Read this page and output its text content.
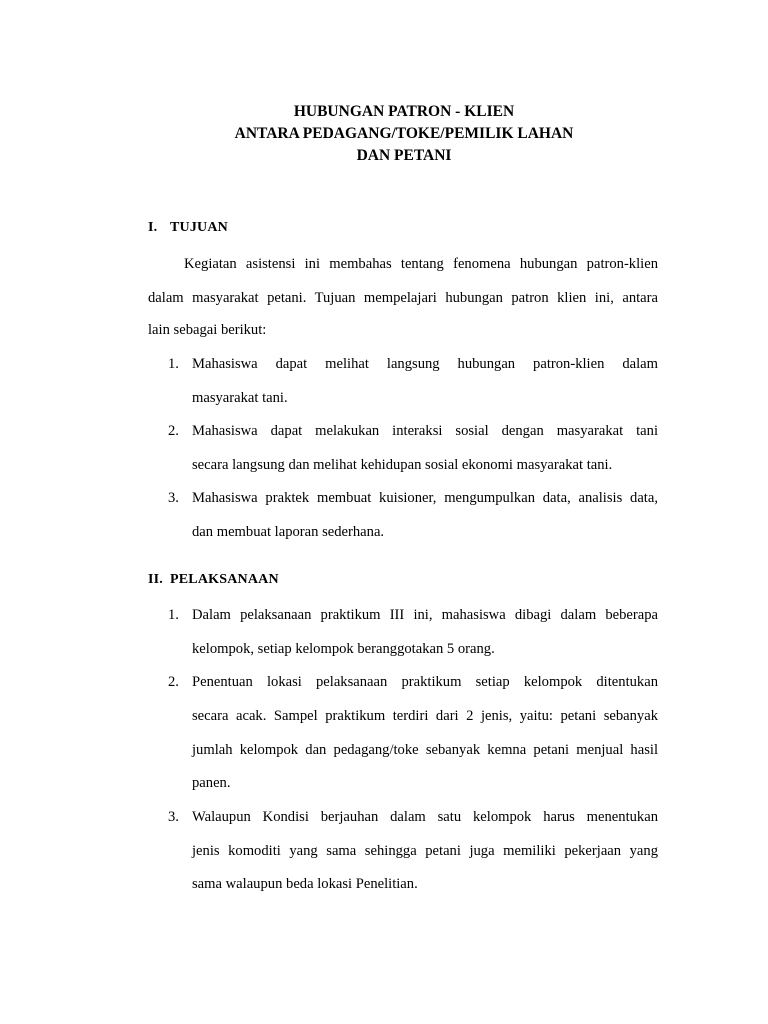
HUBUNGAN PATRON - KLIEN
ANTARA PEDAGANG/TOKE/PEMILIK LAHAN
DAN PETANI
I. TUJUAN
Kegiatan asistensi ini membahas tentang fenomena hubungan patron-klien
dalam masyarakat petani. Tujuan mempelajari hubungan patron klien ini, antara
lain sebagai berikut:
1. Mahasiswa dapat melihat langsung hubungan patron-klien dalam
masyarakat tani.
2. Mahasiswa dapat melakukan interaksi sosial dengan masyarakat tani
secara langsung dan melihat kehidupan sosial ekonomi masyarakat tani.
3. Mahasiswa praktek membuat kuisioner, mengumpulkan data, analisis data,
dan membuat laporan sederhana.
II. PELAKSANAAN
1. Dalam pelaksanaan praktikum III ini, mahasiswa dibagi dalam beberapa
kelompok, setiap kelompok beranggotakan 5 orang.
2. Penentuan lokasi pelaksanaan praktikum setiap kelompok ditentukan
secara acak. Sampel praktikum terdiri dari 2 jenis, yaitu: petani sebanyak
jumlah kelompok dan pedagang/toke sebanyak kemna petani menjual hasil
panen.
3. Walaupun Kondisi berjauhan dalam satu kelompok harus menentukan
jenis komoditi yang sama sehingga petani juga memiliki pekerjaan yang
sama walaupun beda lokasi Penelitian.
